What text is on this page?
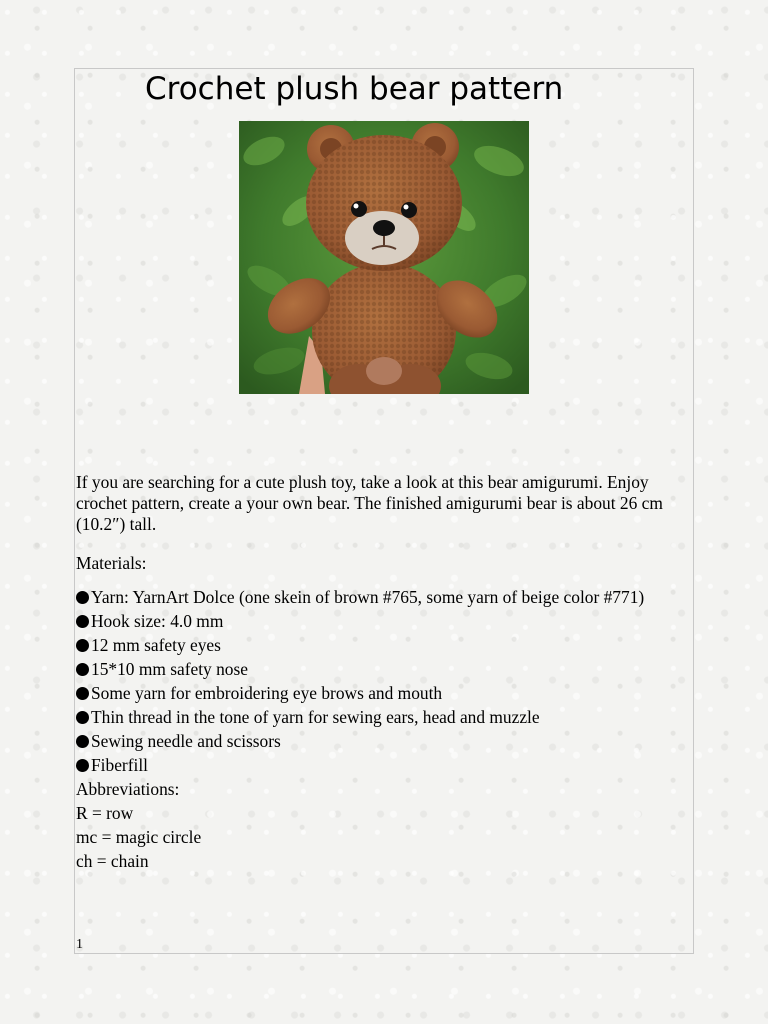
Crochet plush bear pattern

If you are searching for a cute plush toy, take a look at this bear amigurumi. Enjoy crochet pattern, create a your own bear. The finished amigurumi bear is about 26 cm (10.2″) tall.

Materials:

Yarn: YarnArt Dolce (one skein of brown #765, some yarn of beige color #771)
Hook size: 4.0 mm
12 mm safety eyes
15*10 mm safety nose
Some yarn for embroidering eye brows and mouth
Thin thread in the tone of yarn for sewing ears, head and muzzle
Sewing needle and scissors
Fiberfill

Abbreviations:

R = row

mc = magic circle

ch = chain

1
